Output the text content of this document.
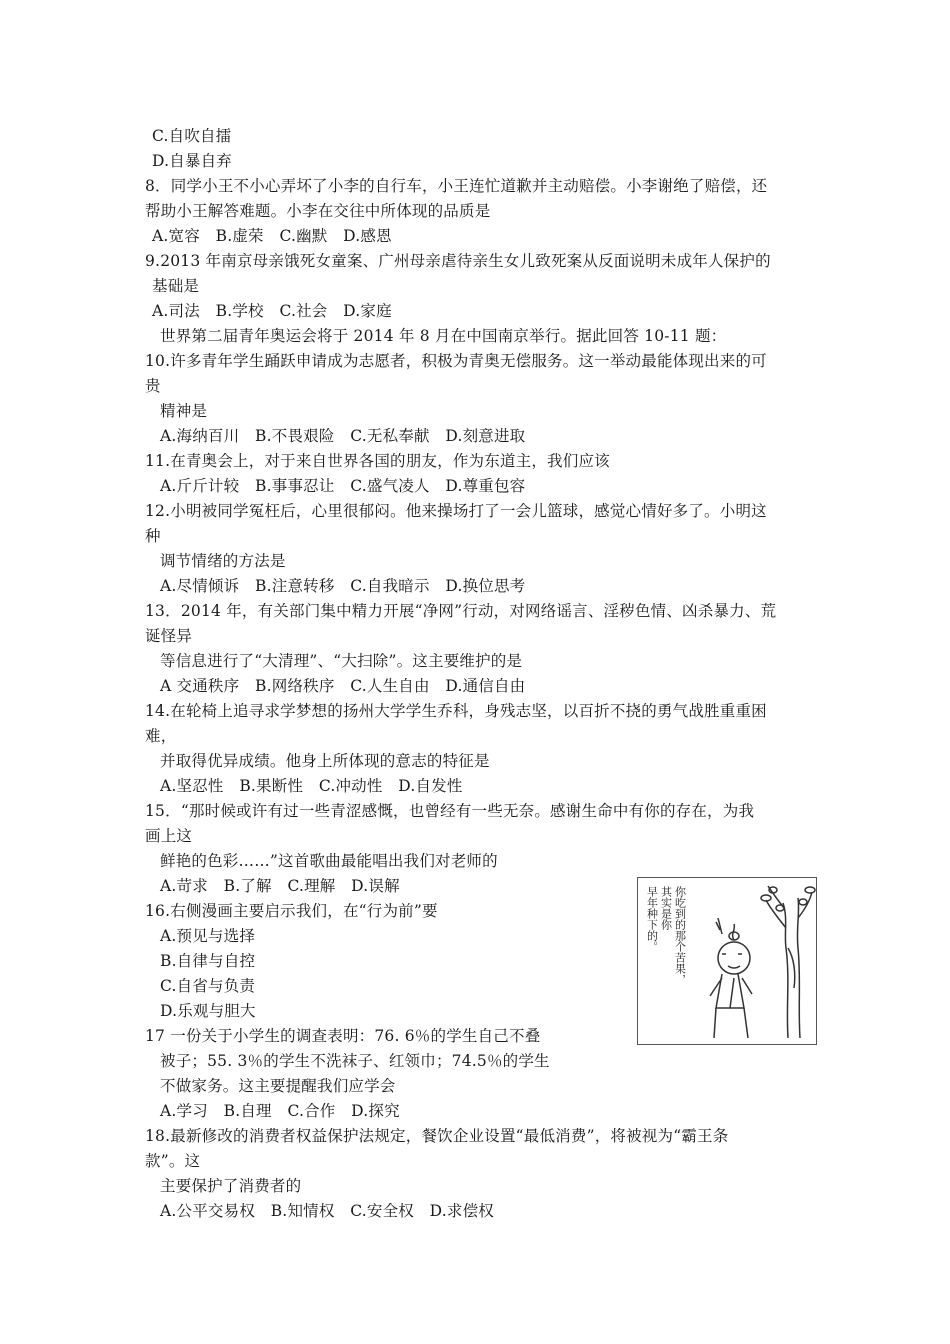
C.自吹自擂
D.自暴自弃
8．同学小王不小心弄坏了小李的自行车，小王连忙道歉并主动赔偿。小李谢绝了赔偿，还
帮助小王解答难题。小李在交往中所体现的品质是
A.宽容　B.虚荣　C.幽默　D.感恩
9.2013 年南京母亲饿死女童案、广州母亲虐待亲生女儿致死案从反面说明未成年人保护的
基础是
A.司法　B.学校　C.社会　D.家庭
世界第二届青年奥运会将于 2014 年 8 月在中国南京举行。据此回答 10-11 题：
10.许多青年学生踊跃申请成为志愿者，积极为青奥无偿服务。这一举动最能体现出来的可
贵
精神是
A.海纳百川　B.不畏艰险　C.无私奉献　D.刻意进取
11.在青奥会上，对于来自世界各国的朋友，作为东道主，我们应该
A.斤斤计较　B.事事忍让　C.盛气凌人　D.尊重包容
12.小明被同学冤枉后，心里很郁闷。他来操场打了一会儿篮球，感觉心情好多了。小明这
种
调节情绪的方法是
A.尽情倾诉　B.注意转移　C.自我暗示　D.换位思考
13．2014 年，有关部门集中精力开展“净网”行动，对网络谣言、淫秽色情、凶杀暴力、荒
诞怪异
等信息进行了“大清理”、“大扫除”。这主要维护的是
A 交通秩序　B.网络秩序　C.人生自由　D.通信自由
14.在轮椅上追寻求学梦想的扬州大学学生乔科，身残志坚，以百折不挠的勇气战胜重重困
难，
并取得优异成绩。他身上所体现的意志的特征是
A.坚忍性　B.果断性　C.冲动性　D.自发性
15．“那时候或许有过一些青涩感慨，也曾经有一些无奈。感谢生命中有你的存在，为我
画上这
鲜艳的色彩……”这首歌曲最能唱出我们对老师的
A.苛求　B.了解　C.理解　D.误解
16.右侧漫画主要启示我们，在“行为前”要
A.预见与选择
B.自律与自控
C.自省与负责
D.乐观与胆大
17 一份关于小学生的调查表明：76. 6％的学生自己不叠
被子；55. 3％的学生不洗袜子、红领巾；74.5％的学生
不做家务。这主要提醒我们应学会
A.学习　B.自理　C.合作　D.探究
18.最新修改的消费者权益保护法规定，餐饮企业设置“最低消费”，将被视为“霸王条
款”。这
主要保护了消费者的
A.公平交易权　B.知情权　C.安全权　D.求偿权
你吃到的那个苦果，
其实是你
早年种下的。
